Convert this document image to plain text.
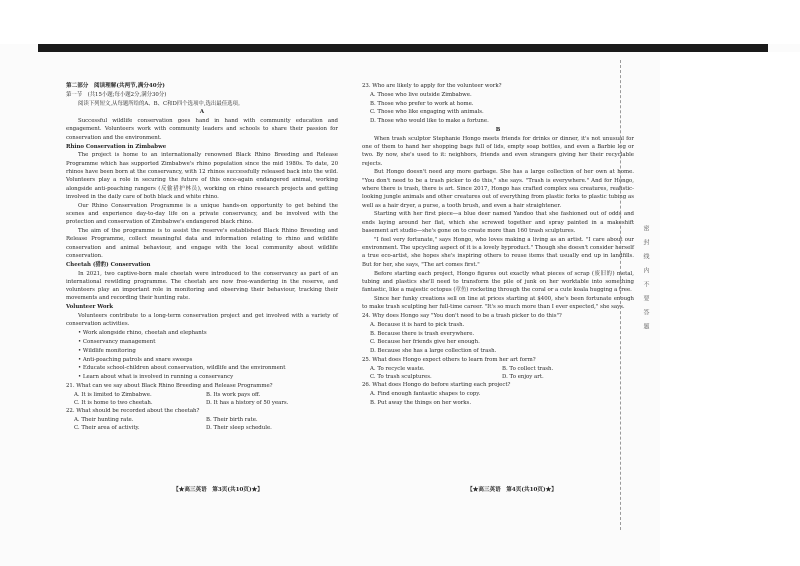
第二部分　阅读理解(共两节,满分40分)

第一节　(共15小题;每小题2分,满分30分)

阅读下列短文,从每题所给的A、B、C和D四个选项中,选出最佳选项。

A

Successful wildlife conservation goes hand in hand with community education and engagement. Volunteers work with community leaders and schools to share their passion for conservation and the environment.

Rhino Conservation in Zimbabwe

The project is home to an internationally renowned Black Rhino Breeding and Release Programme which has supported Zimbabwe's rhino population since the mid 1980s. To date, 20 rhinos have been born at the conservancy, with 12 rhinos successfully released back into the wild. Volunteers play a role in securing the future of this once-again endangered animal, working alongside anti-poaching rangers (反偷猎护林员), working on rhino research projects and getting involved in the daily care of both black and white rhino.

Our Rhino Conservation Programme is a unique hands-on opportunity to get behind the scenes and experience day-to-day life on a private conservancy, and be involved with the protection and conservation of Zimbabwe's endangered black rhino.

The aim of the programme is to assist the reserve's established Black Rhino Breeding and Release Programme, collect meaningful data and information relating to rhino and wildlife conservation and animal behaviour, and engage with the local community about wildlife conservation.

Cheetah (猎豹) Conservation

In 2021, two captive-born male cheetah were introduced to the conservancy as part of an international rewilding programme. The cheetah are now free-wandering in the reserve, and volunteers play an important role in monitoring and observing their behaviour, tracking their movements and recording their hunting rate.

Volunteer Work

Volunteers contribute to a long-term conservation project and get involved with a variety of conservation activities.

• Work alongside rhino, cheetah and elephants

• Conservancy management

• Wildlife monitoring

• Anti-poaching patrols and snare sweeps

• Educate school-children about conservation, wildlife and the environment

• Learn about what is involved in running a conservancy

21. What can we say about Black Rhino Breeding and Release Programme?

A. It is limited to Zimbabwe.	B. Its work pays off.
C. It is home to two cheetah.	D. It has a history of 50 years.

22. What should be recorded about the cheetah?

A. Their hunting rate.	B. Their birth rate.
C. Their area of activity.	D. Their sleep schedule.

23. Who are likely to apply for the volunteer work?

A. Those who live outside Zimbabwe.

B. Those who prefer to work at home.

C. Those who like engaging with animals.

D. Those who would like to make a fortune.

B

When trash sculptor Stephanie Hongo meets friends for drinks or dinner, it's not unusual for one of them to hand her shopping bags full of lids, empty soap bottles, and even a Barbie leg or two. By now, she's used to it: neighbors, friends and even strangers giving her their recyclable rejects.

But Hongo doesn't need any more garbage. She has a large collection of her own at home. "You don't need to be a trash picker to do this," she says. "Trash is everywhere." And for Hongo, where there is trash, there is art. Since 2017, Hongo has crafted complex sea creatures, realistic-looking jungle animals and other creatures out of everything from plastic forks to plastic tubing as well as a hair dryer, a purse, a tooth brush, and even a hair straightener.

Starting with her first piece—a blue deer named Yandoo that she fashioned out of odds and ends laying around her flat, which she screwed together and spray painted in a makeshift basement art studio—she's gone on to create more than 160 trash sculptures.

"I feel very fortunate," says Hongo, who loves making a living as an artist. "I care about our environment. The upcycling aspect of it is a lovely byproduct." Though she doesn't consider herself a true eco-artist, she hopes she's inspiring others to reuse items that usually end up in landfills. But for her, she says, "The art comes first."

Before starting each project, Hongo figures out exactly what pieces of scrap (废旧的) metal, tubing and plastics she'll need to transform the pile of junk on her worktable into something fantastic, like a majestic octopus (章鱼) rocketing through the coral or a cute koala hugging a tree.

Since her funky creations sell on line at prices starting at $400, she's been fortunate enough to make trash sculpting her full-time career. "It's so much more than I ever expected," she says.

24. Why does Hongo say "You don't need to be a trash picker to do this"?

A. Because it is hard to pick trash.

B. Because there is trash everywhere.

C. Because her friends give her enough.

D. Because she has a large collection of trash.

25. What does Hongo expect others to learn from her art form?

A. To recycle waste.	B. To collect trash.
C. To trash sculptures.	D. To enjoy art.

26. What does Hongo do before starting each project?

A. Find enough fantastic shapes to copy.

B. Put away the things on her works.

【★高三英语　第3页(共10页)★】	【★高三英语　第4页(共10页)★】
密封线内不要答题
